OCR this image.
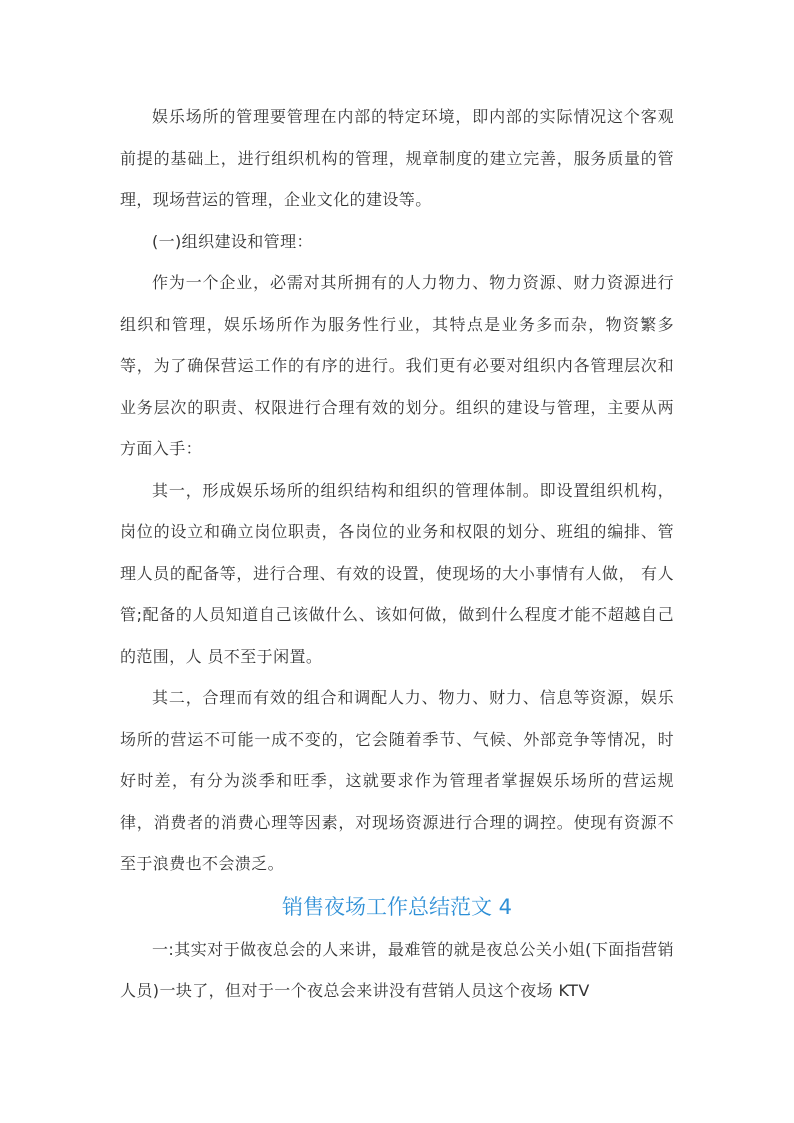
娱乐场所的管理要管理在内部的特定环境，即内部的实际情况这个客观前提的基础上，进行组织机构的管理，规章制度的建立完善，服务质量的管理，现场营运的管理，企业文化的建设等。

(一)组织建设和管理：

作为一个企业，必需对其所拥有的人力物力、物力资源、财力资源进行组织和管理，娱乐场所作为服务性行业，其特点是业务多而杂，物资繁多等，为了确保营运工作的有序的进行。我们更有必要对组织内各管理层次和业务层次的职责、权限进行合理有效的划分。组织的建设与管理，主要从两方面入手：

其一，形成娱乐场所的组织结构和组织的管理体制。即设置组织机构，岗位的设立和确立岗位职责，各岗位的业务和权限的划分、班组的编排、管理人员的配备等，进行合理、有效的设置，使现场的大小事情有人做， 有人管;配备的人员知道自己该做什么、该如何做，做到什么程度才能不超越自己的范围，人 员不至于闲置。

其二，合理而有效的组合和调配人力、物力、财力、信息等资源，娱乐场所的营运不可能一成不变的，它会随着季节、气候、外部竞争等情况，时好时差，有分为淡季和旺季，这就要求作为管理者掌握娱乐场所的营运规律，消费者的消费心理等因素，对现场资源进行合理的调控。使现有资源不至于浪费也不会溃乏。

销售夜场工作总结范文 4

一:其实对于做夜总会的人来讲，最难管的就是夜总公关小姐(下面指营销人员)一块了，但对于一个夜总会来讲没有营销人员这个夜场 KTV
